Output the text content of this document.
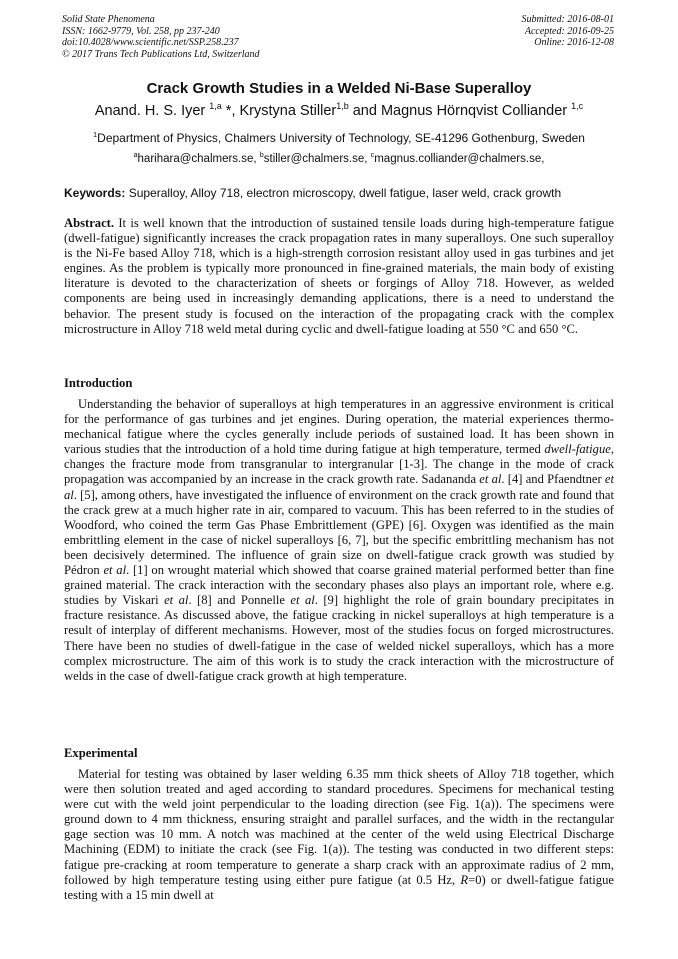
Solid State Phenomena
ISSN: 1662-9779, Vol. 258, pp 237-240
doi:10.4028/www.scientific.net/SSP.258.237
© 2017 Trans Tech Publications Ltd, Switzerland
Submitted: 2016-08-01
Accepted: 2016-09-25
Online: 2016-12-08
Crack Growth Studies in a Welded Ni-Base Superalloy
Anand. H. S. Iyer $^{1,a}$ *, Krystyna Stiller$^{1,b}$ and Magnus Hörnqvist Colliander $^{1,c}$
$^1$Department of Physics, Chalmers University of Technology, SE-41296 Gothenburg, Sweden
$^a$harihara@chalmers.se, $^b$stiller@chalmers.se, $^c$magnus.colliander@chalmers.se,
Keywords: Superalloy, Alloy 718, electron microscopy, dwell fatigue, laser weld, crack growth

Abstract. It is well known that the introduction of sustained tensile loads during high-temperature fatigue (dwell-fatigue) significantly increases the crack propagation rates in many superalloys. One such superalloy is the Ni-Fe based Alloy 718, which is a high-strength corrosion resistant alloy used in gas turbines and jet engines. As the problem is typically more pronounced in fine-grained materials, the main body of existing literature is devoted to the characterization of sheets or forgings of Alloy 718. However, as welded components are being used in increasingly demanding applications, there is a need to understand the behavior. The present study is focused on the interaction of the propagating crack with the complex microstructure in Alloy 718 weld metal during cyclic and dwell-fatigue loading at 550 °C and 650 °C.

Introduction

Understanding the behavior of superalloys at high temperatures in an aggressive environment is critical for the performance of gas turbines and jet engines. During operation, the material experiences thermo-mechanical fatigue where the cycles generally include periods of sustained load. It has been shown in various studies that the introduction of a hold time during fatigue at high temperature, termed dwell-fatigue, changes the fracture mode from transgranular to intergranular [1-3]. The change in the mode of crack propagation was accompanied by an increase in the crack growth rate. Sadananda et al. [4] and Pfaendtner et al. [5], among others, have investigated the influence of environment on the crack growth rate and found that the crack grew at a much higher rate in air, compared to vacuum. This has been referred to in the studies of Woodford, who coined the term Gas Phase Embrittlement (GPE) [6]. Oxygen was identified as the main embrittling element in the case of nickel superalloys [6, 7], but the specific embrittling mechanism has not been decisively determined. The influence of grain size on dwell-fatigue crack growth was studied by Pédron et al. [1] on wrought material which showed that coarse grained material performed better than fine grained material. The crack interaction with the secondary phases also plays an important role, where e.g. studies by Viskari et al. [8] and Ponnelle et al. [9] highlight the role of grain boundary precipitates in fracture resistance. As discussed above, the fatigue cracking in nickel superalloys at high temperature is a result of interplay of different mechanisms. However, most of the studies focus on forged microstructures. There have been no studies of dwell-fatigue in the case of welded nickel superalloys, which has a more complex microstructure. The aim of this work is to study the crack interaction with the microstructure of welds in the case of dwell-fatigue crack growth at high temperature.

Experimental

Material for testing was obtained by laser welding 6.35 mm thick sheets of Alloy 718 together, which were then solution treated and aged according to standard procedures. Specimens for mechanical testing were cut with the weld joint perpendicular to the loading direction (see Fig. 1(a)). The specimens were ground down to 4 mm thickness, ensuring straight and parallel surfaces, and the width in the rectangular gage section was 10 mm. A notch was machined at the center of the weld using Electrical Discharge Machining (EDM) to initiate the crack (see Fig. 1(a)). The testing was conducted in two different steps: fatigue pre-cracking at room temperature to generate a sharp crack with an approximate radius of 2 mm, followed by high temperature testing using either pure fatigue (at 0.5 Hz, R=0) or dwell-fatigue fatigue testing with a 15 min dwell at
